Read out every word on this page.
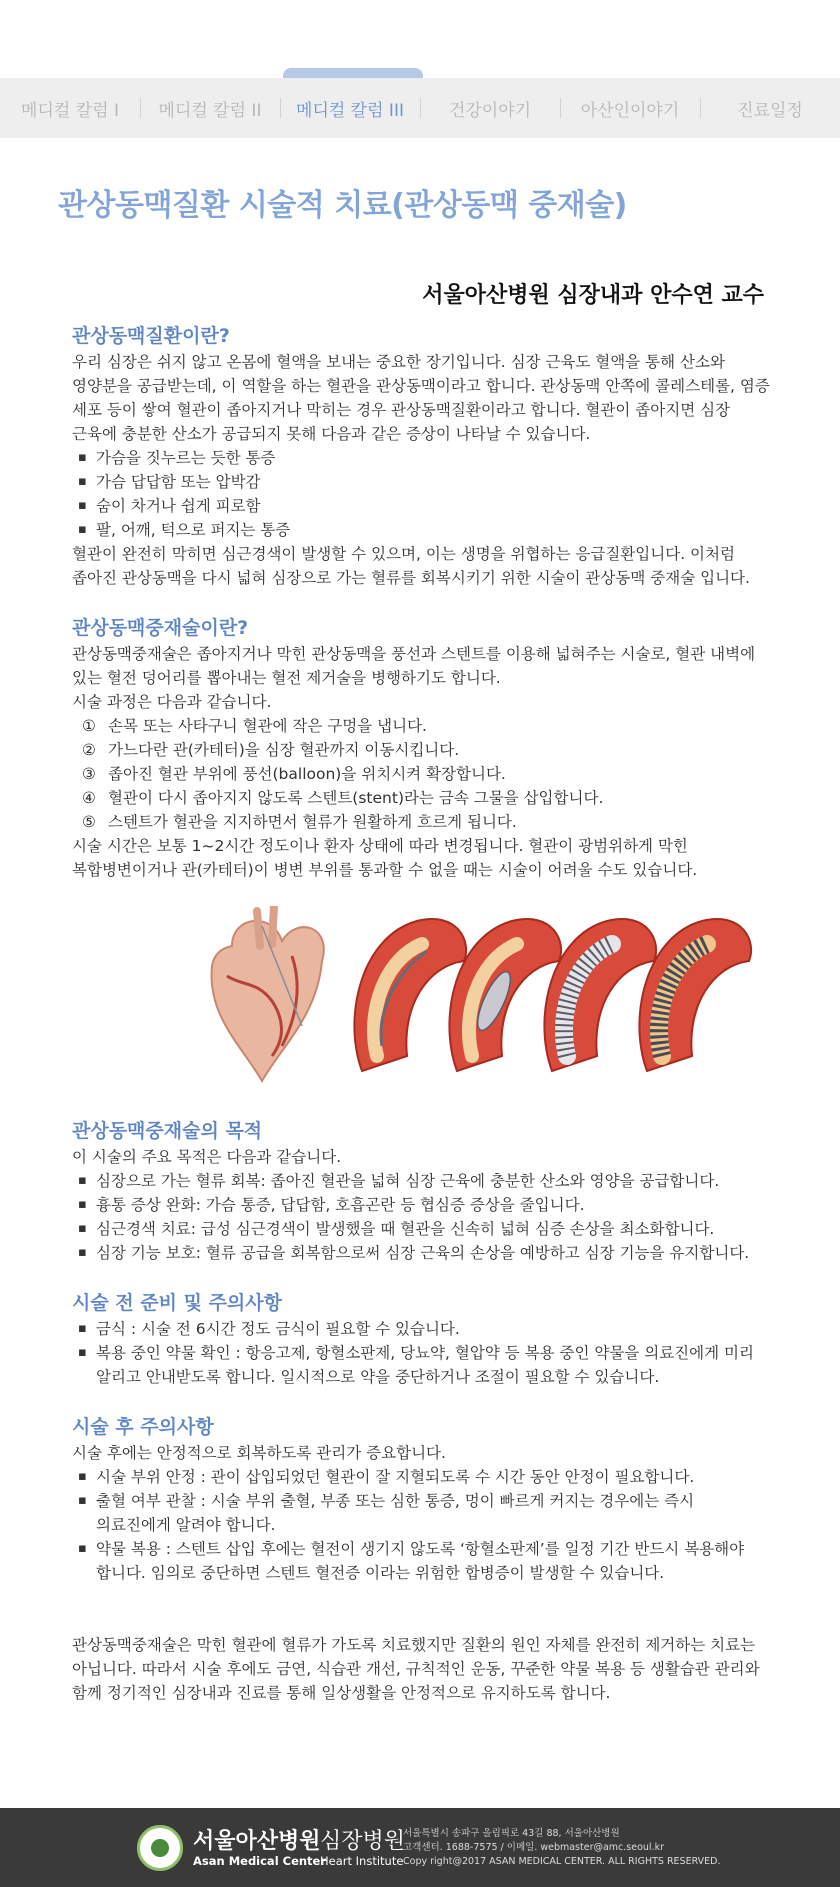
메디컬 칼럼 I	메디컬 칼럼 II	메디컬 칼럼 III	건강이야기	아산인이야기	진료일정
관상동맥질환 시술적 치료(관상동맥 중재술)
서울아산병원 심장내과 안수연 교수
관상동맥질환이란?

우리 심장은 쉬지 않고 온몸에 혈액을 보내는 중요한 장기입니다. 심장 근육도 혈액을 통해 산소와 영양분을 공급받는데, 이 역할을 하는 혈관을 관상동맥이라고 합니다. 관상동맥 안쪽에 콜레스테롤, 염증 세포 등이 쌓여 혈관이 좁아지거나 막히는 경우 관상동맥질환이라고 합니다. 혈관이 좁아지면 심장 근육에 충분한 산소가 공급되지 못해 다음과 같은 증상이 나타날 수 있습니다.

▪ 가슴을 짓누르는 듯한 통증
▪ 가슴 답답함 또는 압박감
▪ 숨이 차거나 쉽게 피로함
▪ 팔, 어깨, 턱으로 퍼지는 통증

혈관이 완전히 막히면 심근경색이 발생할 수 있으며, 이는 생명을 위협하는 응급질환입니다. 이처럼 좁아진 관상동맥을 다시 넓혀 심장으로 가는 혈류를 회복시키기 위한 시술이 관상동맥 중재술 입니다.

관상동맥중재술이란?

관상동맥중재술은 좁아지거나 막힌 관상동맥을 풍선과 스텐트를 이용해 넓혀주는 시술로, 혈관 내벽에 있는 혈전 덩어리를 뽑아내는 혈전 제거술을 병행하기도 합니다.

시술 과정은 다음과 같습니다.

① 손목 또는 사타구니 혈관에 작은 구멍을 냅니다.
② 가느다란 관(카테터)을 심장 혈관까지 이동시킵니다.
③ 좁아진 혈관 부위에 풍선(balloon)을 위치시켜 확장합니다.
④ 혈관이 다시 좁아지지 않도록 스텐트(stent)라는 금속 그물을 삽입합니다.
⑤ 스텐트가 혈관을 지지하면서 혈류가 원활하게 흐르게 됩니다.

시술 시간은 보통 1~2시간 정도이나 환자 상태에 따라 변경됩니다. 혈관이 광범위하게 막힌 복합병변이거나 관(카테터)이 병변 부위를 통과할 수 없을 때는 시술이 어려울 수도 있습니다.

관상동맥중재술의 목적

이 시술의 주요 목적은 다음과 같습니다.

▪ 심장으로 가는 혈류 회복: 좁아진 혈관을 넓혀 심장 근육에 충분한 산소와 영양을 공급합니다.
▪ 흉통 증상 완화: 가슴 통증, 답답함, 호흡곤란 등 협심증 증상을 줄입니다.
▪ 심근경색 치료: 급성 심근경색이 발생했을 때 혈관을 신속히 넓혀 심증 손상을 최소화합니다.
▪ 심장 기능 보호: 혈류 공급을 회복함으로써 심장 근육의 손상을 예방하고 심장 기능을 유지합니다.
시술 전 준비 및 주의사항
▪ 금식 : 시술 전 6시간 정도 금식이 필요할 수 있습니다.
▪ 복용 중인 약물 확인 : 항응고제, 항혈소판제, 당뇨약, 혈압약 등 복용 중인 약물을 의료진에게 미리 알리고 안내받도록 합니다. 일시적으로 약을 중단하거나 조절이 필요할 수 있습니다.
시술 후 주의사항

시술 후에는 안정적으로 회복하도록 관리가 증요합니다.

▪ 시술 부위 안정 : 관이 삽입되었던 혈관이 잘 지혈되도록 수 시간 동안 안정이 필요합니다.
▪ 출혈 여부 관찰 : 시술 부위 출혈, 부종 또는 심한 통증, 멍이 빠르게 커지는 경우에는 즉시 의료진에게 알려야 합니다.
▪ 약물 복용 : 스텐트 삽입 후에는 혈전이 생기지 않도록 ‘항혈소판제’를 일정 기간 반드시 복용해야 합니다. 임의로 중단하면 스텐트 혈전증 이라는 위험한 합병증이 발생할 수 있습니다.

관상동맥중재술은 막힌 혈관에 혈류가 가도록 치료했지만 질환의 원인 자체를 완전히 제거하는 치료는 아닙니다. 따라서 시술 후에도 금연, 식습관 개선, 규칙적인 운동, 꾸준한 약물 복용 등 생활습관 관리와 함께 정기적인 심장내과 진료를 통해 일상생활을 안정적으로 유지하도록 합니다.

서울아산병원
Asan Medical Center
심장병원
Heart Institute
서울특별시 송파구 올림픽로 43길 88, 서울아산병원
고객센터. 1688-7575 / 이메일. webmaster@amc.seoul.kr
Copy right@2017 ASAN MEDICAL CENTER. ALL RIGHTS RESERVED.
